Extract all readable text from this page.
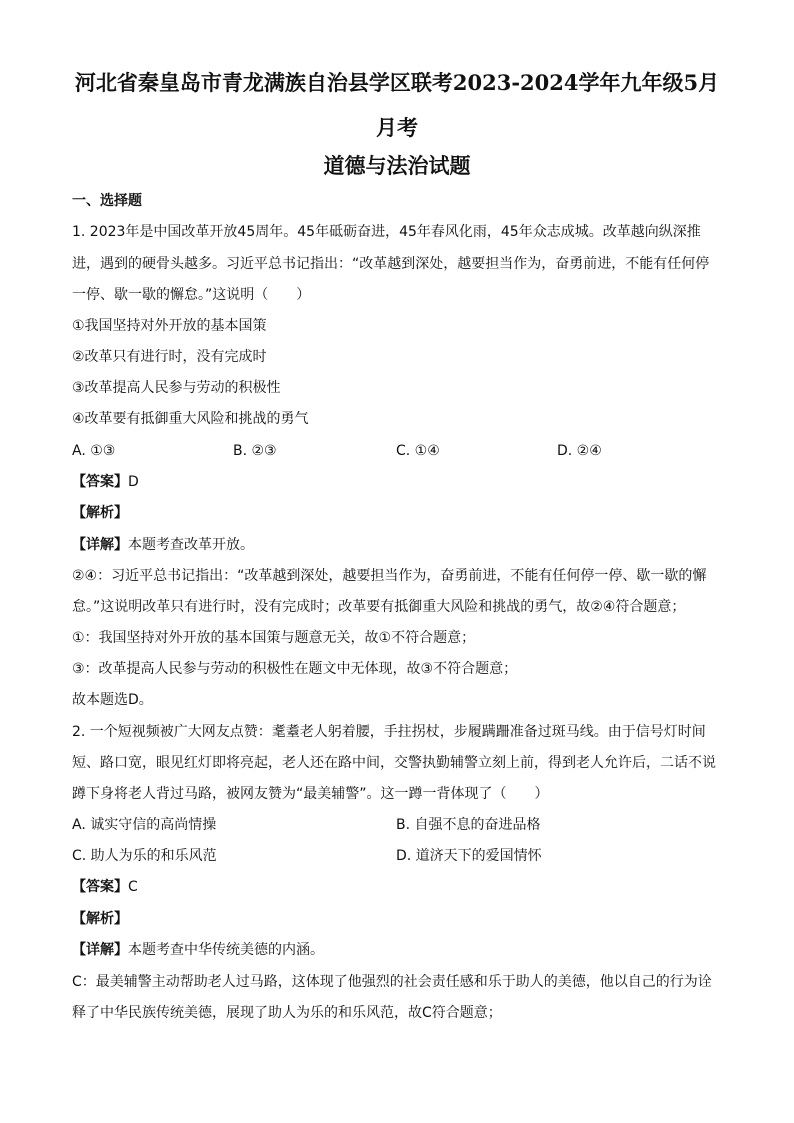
河北省秦皇岛市青龙满族自治县学区联考2023-2024学年九年级5月
月考
道德与法治试题
一、选择题
1. 2023年是中国改革开放45周年。45年砥砺奋进，45年春风化雨，45年众志成城。改革越向纵深推
进，遇到的硬骨头越多。习近平总书记指出：“改革越到深处，越要担当作为，奋勇前进，不能有任何停
一停、歇一歇的懈怠。”这说明（　　）
①我国坚持对外开放的基本国策
②改革只有进行时，没有完成时
③改革提高人民参与劳动的积极性
④改革要有抵御重大风险和挑战的勇气
A. ①③	B. ②③	C. ①④	D. ②④
【答案】D
【解析】
【详解】本题考查改革开放。
②④：习近平总书记指出：“改革越到深处，越要担当作为，奋勇前进，不能有任何停一停、歇一歇的懈
怠。”这说明改革只有进行时，没有完成时；改革要有抵御重大风险和挑战的勇气，故②④符合题意；
①：我国坚持对外开放的基本国策与题意无关，故①不符合题意；
③：改革提高人民参与劳动的积极性在题文中无体现，故③不符合题意；
故本题选D。
2. 一个短视频被广大网友点赞：耄耋老人躬着腰，手拄拐杖，步履蹒跚准备过斑马线。由于信号灯时间
短、路口宽，眼见红灯即将亮起，老人还在路中间，交警执勤辅警立刻上前，得到老人允许后，二话不说
蹲下身将老人背过马路，被网友赞为“最美辅警”。这一蹲一背体现了（　　）
A. 诚实守信的高尚情操	B. 自强不息的奋进品格
C. 助人为乐的和乐风范	D. 道济天下的爱国情怀
【答案】C
【解析】
【详解】本题考查中华传统美德的内涵。
C：最美辅警主动帮助老人过马路，这体现了他强烈的社会责任感和乐于助人的美德，他以自己的行为诠
释了中华民族传统美德，展现了助人为乐的和乐风范，故C符合题意；
